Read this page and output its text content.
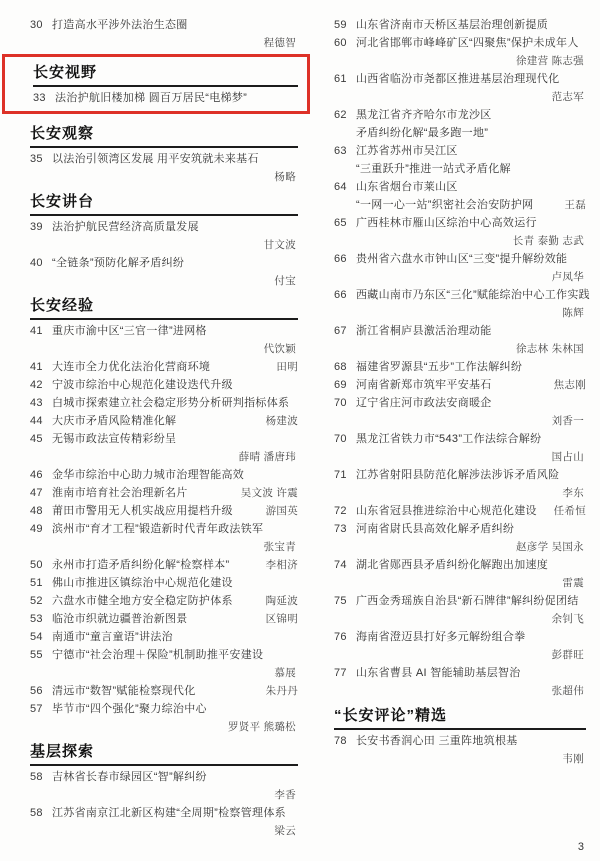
30 打造高水平涉外法治生态圈
程德智
长安视野
33 法治护航旧楼加梯 圆百万居民“电梯梦”
长安观察
35 以法治引领湾区发展 用平安筑就未来基石
杨略
长安讲台
39 法治护航民营经济高质量发展
甘文波
40 “全链条”预防化解矛盾纠纷
付宝
长安经验
41 重庆市渝中区“三官一律”进网格
代饮颖
41 大连市全力优化法治化营商环境	田明
42 宁波市综治中心规范化建设迭代升级
43 白城市探索建立社会稳定形势分析研判指标体系
44 大庆市矛盾风险精准化解	杨建波
45 无锡市政法宣传精彩纷呈
薛晴 潘唐玮
46 金华市综治中心助力城市治理智能高效
47 淮南市培育社会治理新名片	吴文波 许震
48 莆田市警用无人机实战应用提档升级	游国英
49 滨州市“育才工程”锻造新时代青年政法铁军
张宝青
50 永州市打造矛盾纠纷化解“检察样本”	李相济
51 佛山市推进区镇综治中心规范化建设
52 六盘水市健全地方安全稳定防护体系	陶延波
53 临沧市织就边疆普治新图景	区锦明
54 南通市“童言童语”讲法治
55 宁德市“社会治理＋保险”机制助推平安建设
慕展
56 清远市“数智”赋能检察现代化	朱丹丹
57 毕节市“四个强化”聚力综治中心
罗贤平 熊璐松
基层探索
58 吉林省长春市绿园区“智”解纠纷
李香
58 江苏省南京江北新区构建“全周期”检察管理体系
梁云
59 山东省济南市天桥区基层治理创新提质
60 河北省邯郸市峰峰矿区“四聚焦”保护未成年人
徐建营 陈志强
61 山西省临汾市尧都区推进基层治理现代化
范志军
62 黑龙江省齐齐哈尔市龙沙区
矛盾纠纷化解“最多跑一地”
63 江苏省苏州市吴江区
“三重跃升”推进一站式矛盾化解
64 山东省烟台市莱山区
“一网一心一站”织密社会治安防护网	王磊
65 广西桂林市雁山区综治中心高效运行
长青 泰勤 志武
66 贵州省六盘水市钟山区“三变”提升解纷效能
卢凤华
66 西藏山南市乃东区“三化”赋能综治中心工作实践
陈辉
67 浙江省桐庐县激活治理动能
徐志林 朱林国
68 福建省罗源县“五步”工作法解纠纷
69 河南省新郑市筑牢平安基石	焦志刚
70 辽宁省庄河市政法安商暖企
刘香一
70 黑龙江省铁力市“543”工作法综合解纷
国占山
71 江苏省射阳县防范化解涉法涉诉矛盾风险
李东
72 山东省冠县推进综治中心规范化建设	任希恒
73 河南省尉氏县高效化解矛盾纠纷
赵彦学 吴国永
74 湖北省郧西县矛盾纠纷化解跑出加速度
雷震
75 广西金秀瑶族自治县“新石牌律”解纠纷促团结
余钊飞
76 海南省澄迈县打好多元解纷组合拳
彭群旺
77 山东省曹县 AI 智能辅助基层智治
张超伟
“长安评论”精选
78 长安书香润心田 三重阵地筑根基
韦刚
3
